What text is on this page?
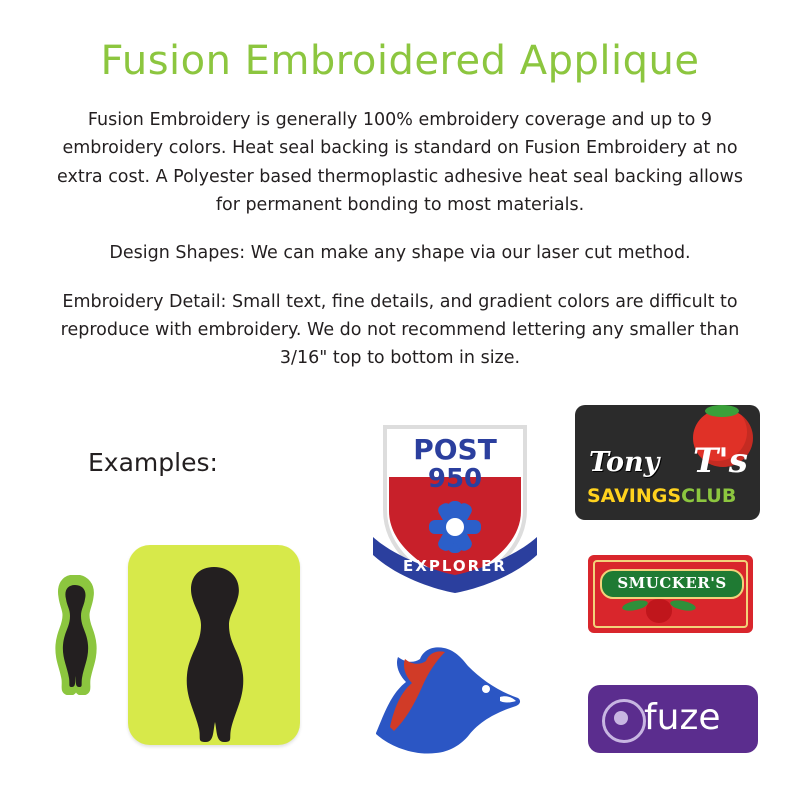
Fusion Embroidered Applique

Fusion Embroidery is generally 100% embroidery coverage and up to 9 embroidery colors. Heat seal backing is standard on Fusion Embroidery at no extra cost. A Polyester based thermoplastic adhesive heat seal backing allows for permanent bonding to most materials.

Design Shapes: We can make any shape via our laser cut method.

Embroidery Detail: Small text, fine details, and gradient colors are difficult to reproduce with embroidery. We do not recommend lettering any smaller than 3/16" top to bottom in size.

Examples:	POST
950
EXPLORER
Tony T's
SAVINGSCLUB
SMUCKER'S
fuze
